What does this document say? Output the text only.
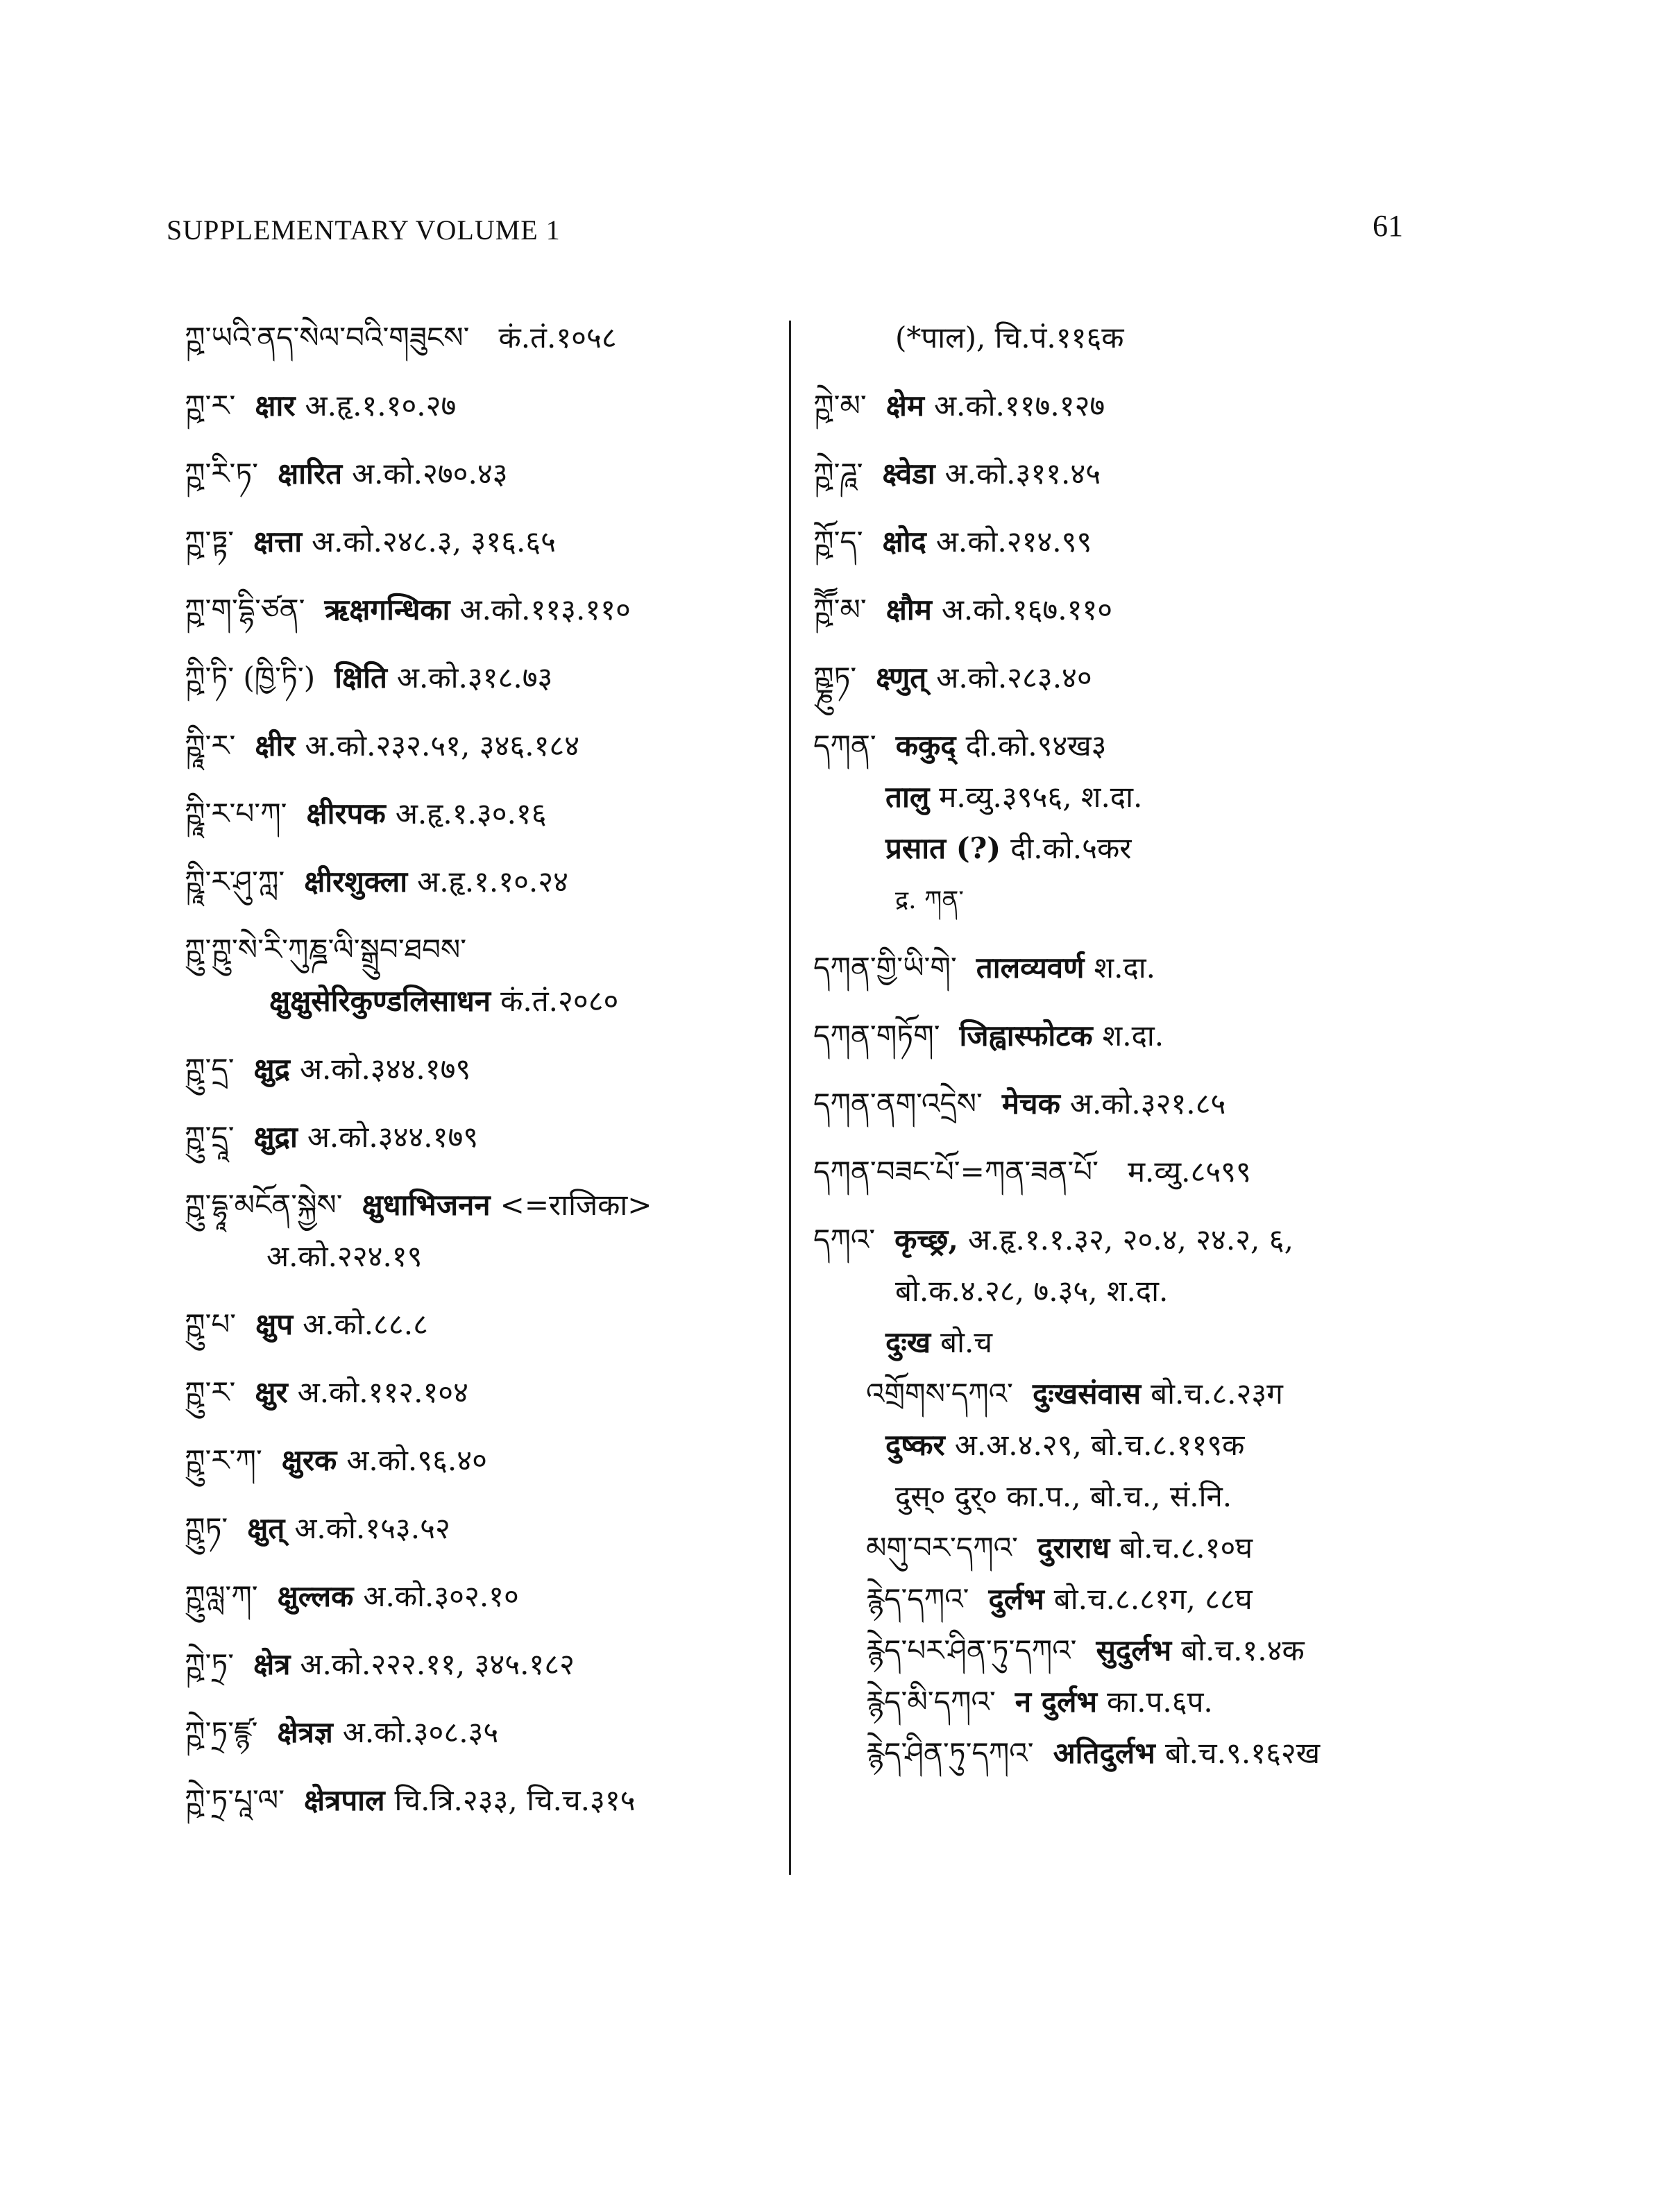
SUPPLEMENTARY VOLUME 1	61
ཀྵ་ཡའི་ནད་སེལ་བའི་གཟུངས་ कं.तं.१०५८
ཀྵ་ར་ क्षार अ.हृ.१.१०.२७
ཀྵ་རི་ཏ་ क्षारित अ.को.२७०.४३
ཀྵ་ཏྟ་ क्षत्ता अ.को.२४८.३, ३१६.६५
ཀྵ་ག་དྷི་ཙན་ ऋक्षगन्धिका अ.को.११३.११०
ཀྵི་ཏི་ (ཁྱི་ཏི་) क्षिति अ.को.३१८.७३
ཀྵཱི་ར་ क्षीर अ.को.२३२.५१, ३४६.१८४
ཀྵཱི་ར་པ་ཀ་ क्षीरपक अ.हृ.१.३०.१६
ཀྵཱི་ར་ཤུ་ཀླ་ क्षीरशुक्ला अ.हृ.१.१०.२४
ཀྵུ་ཀྵུ་སེ་རི་ཀུཎྜ་ལི་སྒྲུབ་ཐབས་
क्षुक्षुसेरिकुण्डलिसाधन कं.तं.२०८०
ཀྵུ་དྲ་ क्षुद्र अ.को.३४४.१७९
ཀྵུ་དྲཱ་ क्षुद्रा अ.को.३४४.१७९
ཀྵུ་དྷཱ་མངོན་སྐྱེས་ क्षुधाभिजनन <=राजिका>
अ.को.२२४.१९
ཀྵུ་པ་ क्षुप अ.को.८८.८
ཀྵུ་ར་ क्षुर अ.को.११२.१०४
ཀྵུ་ར་ཀ་ क्षुरक अ.को.९६.४०
ཀྵུཏ་ क्षुत् अ.को.१५३.५२
ཀྵུལླ་ཀ་ क्षुल्लक अ.को.३०२.१०
ཀྵེ་ཏྲ་ क्षेत्र अ.को.२२२.११, ३४५.१८२
ཀྵེ་ཏྲ་ཛྙ་ क्षेत्रज्ञ अ.को.३०८.३५
ཀྵེ་ཏྲ་པཱ་ལ་ क्षेत्रपाल चि.त्रि.२३३, चि.च.३१५
(*पाल), चि.पं.११६क
ཀྵེ་མ་ क्षेम अ.को.११७.१२७
ཀྵེ་ཌཱ་ क्ष्वेडा अ.को.३११.४५
ཀྵོ་ད་ क्षोद अ.को.२१४.९९
ཀྵཽ་མ་ क्षौम अ.को.१६७.११०
ཀྵྞུཏ་ क्ष्णुत् अ.को.२८३.४०
དཀན་ ककुद् दी.को.९४ख३
तालु म.व्यु.३९५६, श.दा.
प्रसात (?) दी.को.५कर
द्र. ཀན་
དཀན་གྱི་ཡི་གེ་ तालव्यवर्ण श.दा.
དཀན་གཏོག་ जिह्वास्फोटक श.दा.
དཀན་ནག་འདྲེས་ मेचक अ.को.३२१.८५
དཀན་བཟང་པོ་=ཀན་ཟན་པོ་ म.व्यु.८५९९
དཀའ་ कृच्छ्र, अ.हृ.१.१.३२, २०.४, २४.२, ६,
बो.क.४.२८, ७.३५, श.दा.
दुःख बो.च
འགྲོགས་དཀའ་ दुःखसंवास बो.च.८.२३ग
दुष्कर अ.अ.४.२९, बो.च.८.११९क
दुस्० दुर्० का.प., बो.च., सं.नि.
མགུ་བར་དཀའ་ दुराराध बो.च.८.१०घ
རྙེད་དཀའ་ दुर्लभ बो.च.८.८१ग, ८८घ
རྙེད་པར་ཤིན་ཏུ་དཀའ་ सुदुर्लभ बो.च.१.४क
རྙེད་མི་དཀའ་ न दुर्लभ का.प.६प.
རྙེད་ཤིན་ཏུ་དཀའ་ अतिदुर्लभ बो.च.९.१६२ख
